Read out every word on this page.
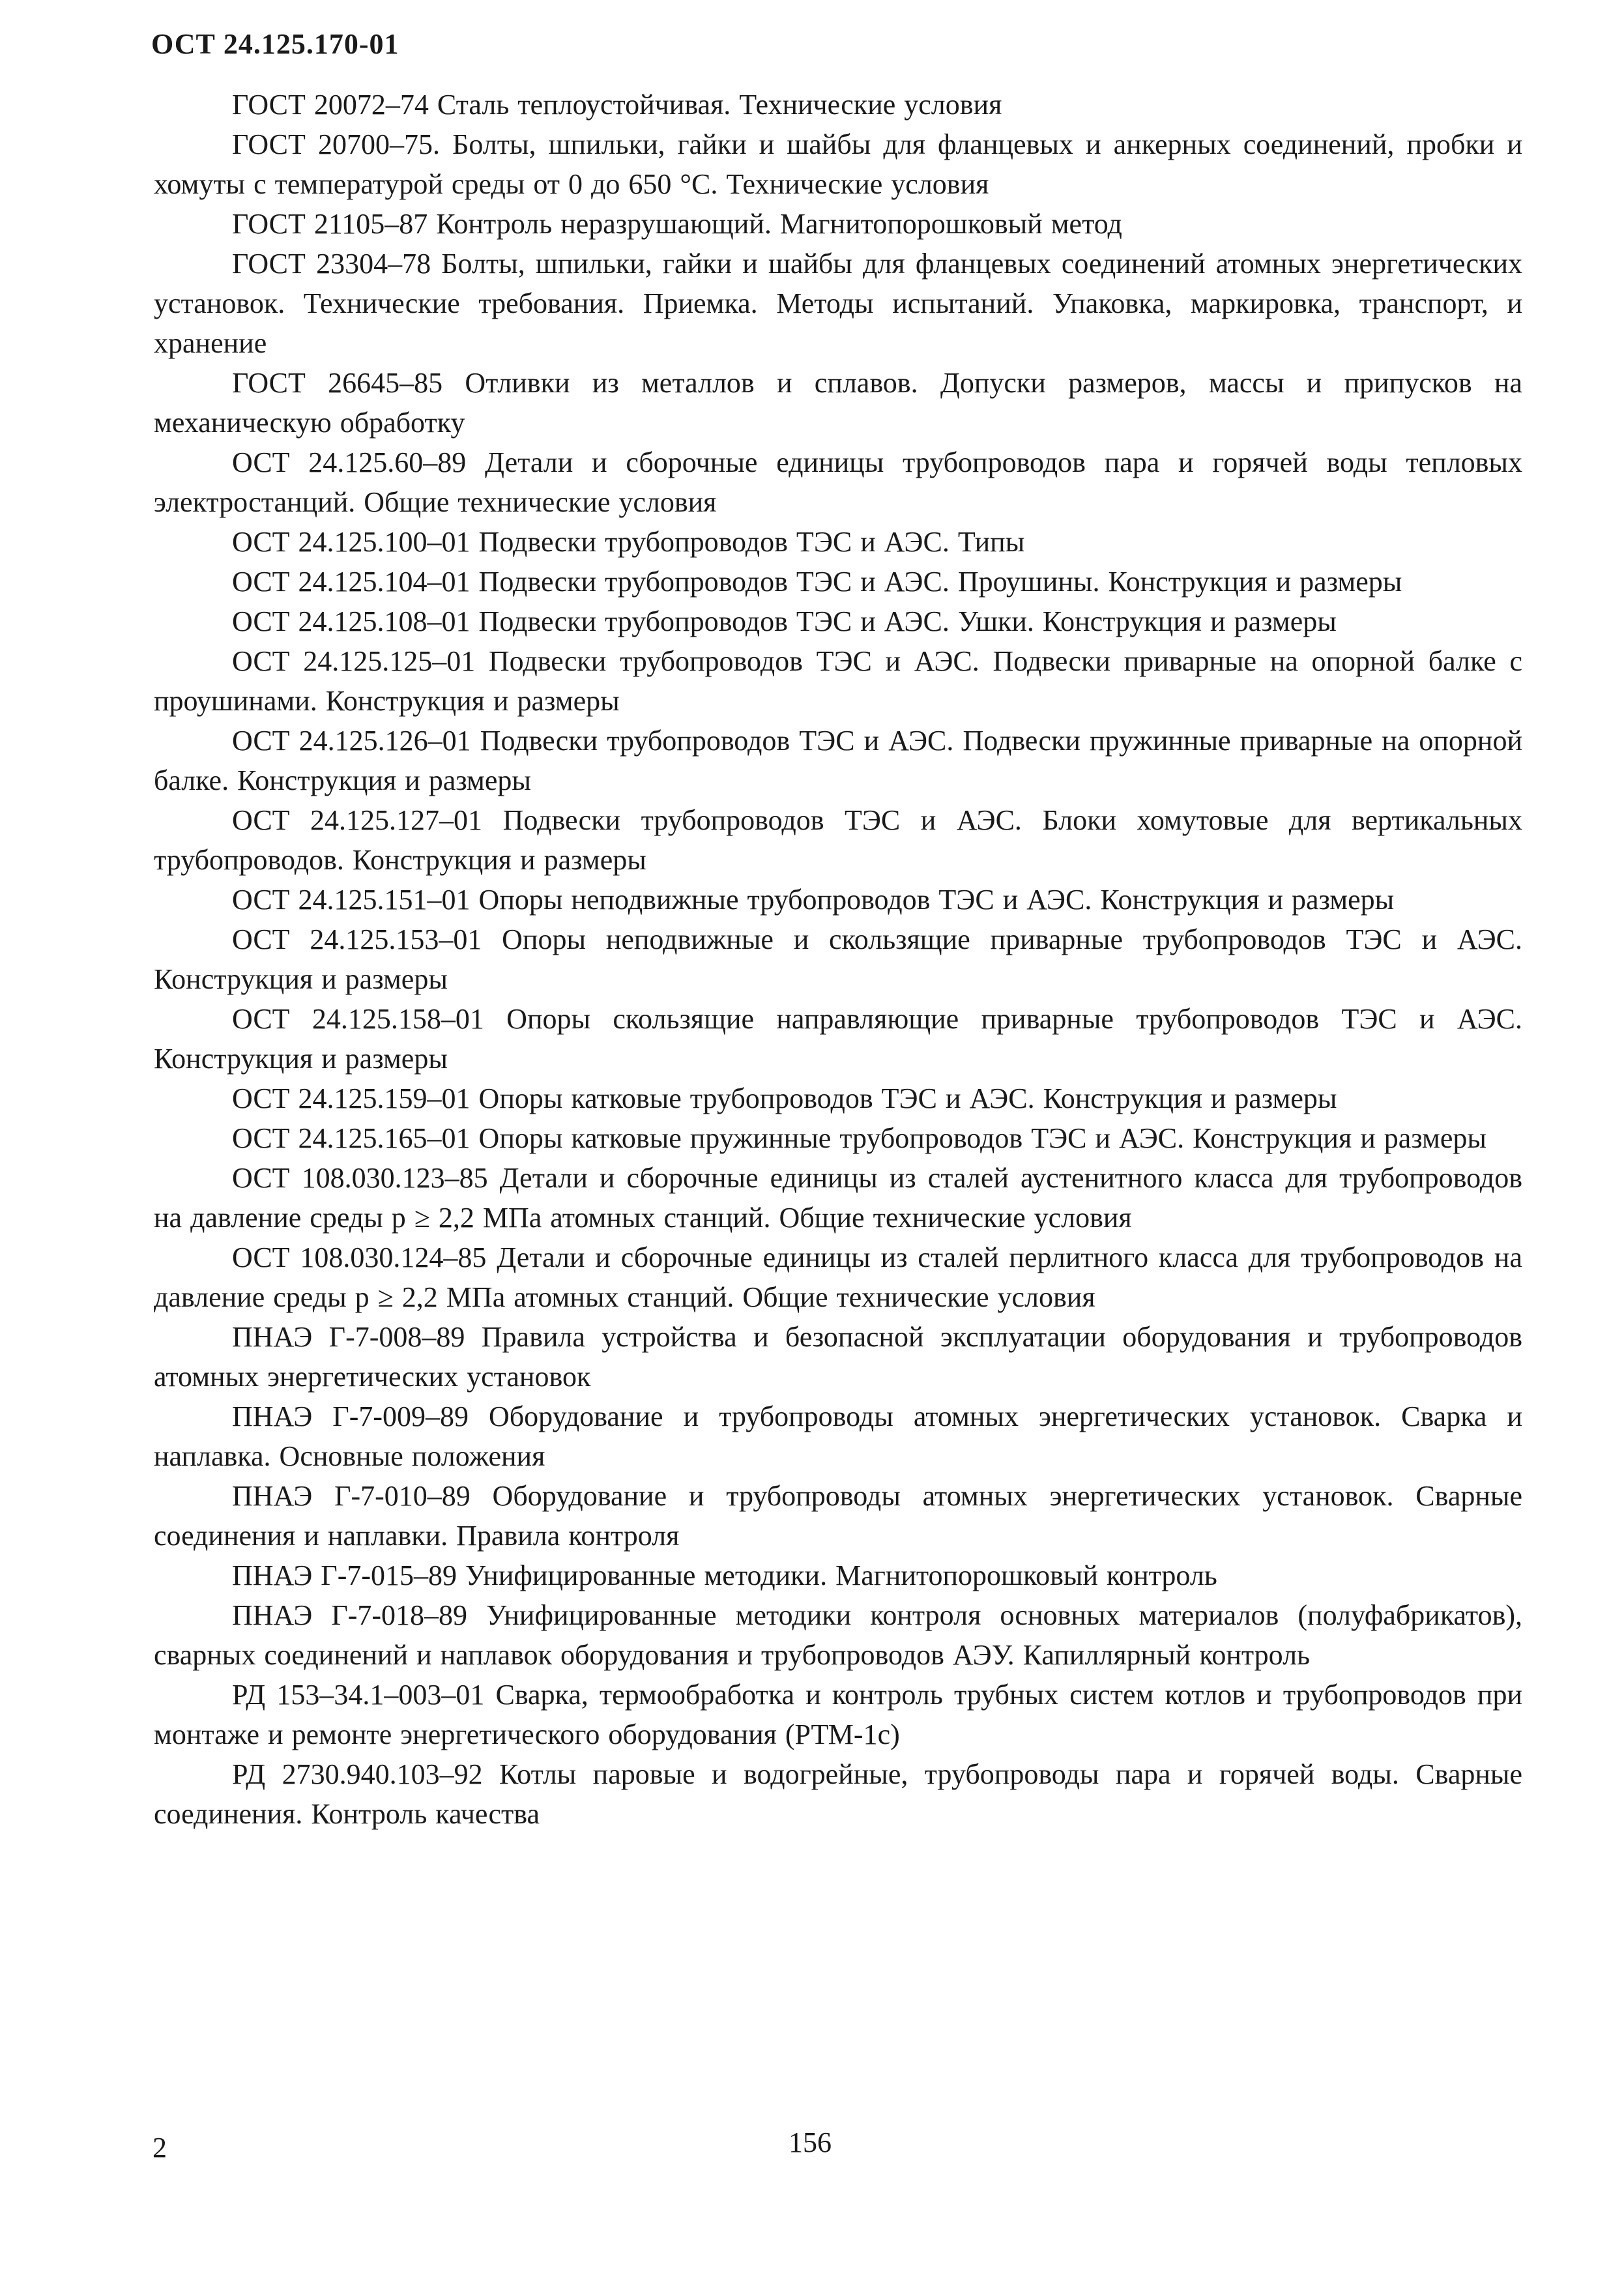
ОСТ 24.125.170-01

ГОСТ 20072–74 Сталь теплоустойчивая. Технические условия

ГОСТ 20700–75. Болты, шпильки, гайки и шайбы для фланцевых и анкерных соединений, пробки и хомуты с температурой среды от 0 до 650 °С. Технические условия

ГОСТ 21105–87 Контроль неразрушающий. Магнитопорошковый метод

ГОСТ 23304–78 Болты, шпильки, гайки и шайбы для фланцевых соединений атомных энергетических установок. Технические требования. Приемка. Методы испытаний. Упаковка, маркировка, транспорт, и хранение

ГОСТ 26645–85 Отливки из металлов и сплавов. Допуски размеров, массы и припусков на механическую обработку

ОСТ 24.125.60–89 Детали и сборочные единицы трубопроводов пара и горячей воды тепловых электростанций. Общие технические условия

ОСТ 24.125.100–01 Подвески трубопроводов ТЭС и АЭС. Типы

ОСТ 24.125.104–01 Подвески трубопроводов ТЭС и АЭС. Проушины. Конструкция и размеры

ОСТ 24.125.108–01 Подвески трубопроводов ТЭС и АЭС. Ушки. Конструкция и размеры

ОСТ 24.125.125–01 Подвески трубопроводов ТЭС и АЭС. Подвески приварные на опорной балке с проушинами. Конструкция и размеры

ОСТ 24.125.126–01 Подвески трубопроводов ТЭС и АЭС. Подвески пружинные приварные на опорной балке. Конструкция и размеры

ОСТ 24.125.127–01 Подвески трубопроводов ТЭС и АЭС. Блоки хомутовые для вертикальных трубопроводов. Конструкция и размеры

ОСТ 24.125.151–01 Опоры неподвижные трубопроводов ТЭС и АЭС. Конструкция и размеры

ОСТ 24.125.153–01 Опоры неподвижные и скользящие приварные трубопроводов ТЭС и АЭС. Конструкция и размеры

ОСТ 24.125.158–01 Опоры скользящие направляющие приварные трубопроводов ТЭС и АЭС. Конструкция и размеры

ОСТ 24.125.159–01 Опоры катковые трубопроводов ТЭС и АЭС. Конструкция и размеры

ОСТ 24.125.165–01 Опоры катковые пружинные трубопроводов ТЭС и АЭС. Конструкция и размеры

ОСТ 108.030.123–85 Детали и сборочные единицы из сталей аустенитного класса для трубопроводов на давление среды p ≥ 2,2 МПа атомных станций. Общие технические условия

ОСТ 108.030.124–85 Детали и сборочные единицы из сталей перлитного класса для трубопроводов на давление среды p ≥ 2,2 МПа атомных станций. Общие технические условия

ПНАЭ Г-7-008–89 Правила устройства и безопасной эксплуатации оборудования и трубопроводов атомных энергетических установок

ПНАЭ Г-7-009–89 Оборудование и трубопроводы атомных энергетических установок. Сварка и наплавка. Основные положения

ПНАЭ Г-7-010–89 Оборудование и трубопроводы атомных энергетических установок. Сварные соединения и наплавки. Правила контроля

ПНАЭ Г-7-015–89 Унифицированные методики. Магнитопорошковый контроль

ПНАЭ Г-7-018–89 Унифицированные методики контроля основных материалов (полуфабрикатов), сварных соединений и наплавок оборудования и трубопроводов АЭУ. Капиллярный контроль

РД 153–34.1–003–01 Сварка, термообработка и контроль трубных систем котлов и трубопроводов при монтаже и ремонте энергетического оборудования (РТМ-1с)

РД 2730.940.103–92 Котлы паровые и водогрейные, трубопроводы пара и горячей воды. Сварные соединения. Контроль качества

2	156
